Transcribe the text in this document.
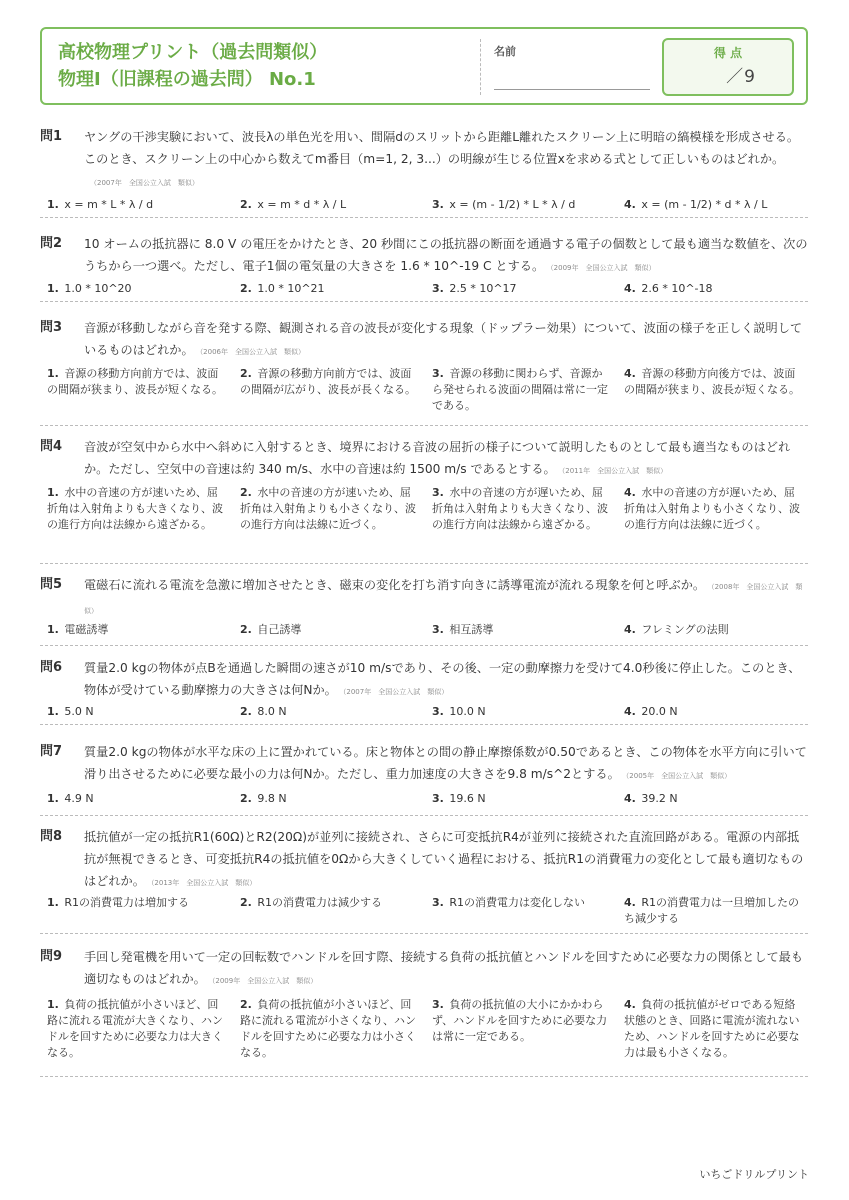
高校物理プリント（過去問類似）
物理Ⅰ（旧課程の過去問） No.1
名前	得 点
／9
問1 ヤングの干渉実験において、波長λの単色光を用い、間隔dのスリットから距離L離れたスクリーン上に明暗の縞模様を形成させる。このとき、スクリーン上の中心から数えてm番目（m=1, 2, 3...）の明線が生じる位置xを求める式として正しいものはどれか。（2007年　全国公立入試　類似）
1. x = m * L * λ / d	2. x = m * d * λ / L	3. x = (m - 1/2) * L * λ / d	4. x = (m - 1/2) * d * λ / L
問2 10 オームの抵抗器に 8.0 V の電圧をかけたとき、20 秒間にこの抵抗器の断面を通過する電子の個数として最も適当な数値を、次のうちから一つ選べ。ただし、電子1個の電気量の大きさを 1.6 * 10^-19 C とする。 （2009年　全国公立入試　類似）
1. 1.0 * 10^20	2. 1.0 * 10^21	3. 2.5 * 10^17	4. 2.6 * 10^-18
問3 音源が移動しながら音を発する際、観測される音の波長が変化する現象（ドップラー効果）について、波面の様子を正しく説明しているものはどれか。 （2006年　全国公立入試　類似）
1. 音源の移動方向前方では、波面の間隔が狭まり、波長が短くなる。
2. 音源の移動方向前方では、波面の間隔が広がり、波長が長くなる。
3. 音源の移動に関わらず、音源から発せられる波面の間隔は常に一定である。
4. 音源の移動方向後方では、波面の間隔が狭まり、波長が短くなる。
問4 音波が空気中から水中へ斜めに入射するとき、境界における音波の屈折の様子について説明したものとして最も適当なものはどれか。ただし、空気中の音速は約 340 m/s、水中の音速は約 1500 m/s であるとする。 （2011年　全国公立入試　類似）
1. 水中の音速の方が速いため、屈折角は入射角よりも大きくなり、波の進行方向は法線から遠ざかる。
2. 水中の音速の方が速いため、屈折角は入射角よりも小さくなり、波の進行方向は法線に近づく。
3. 水中の音速の方が遅いため、屈折角は入射角よりも大きくなり、波の進行方向は法線から遠ざかる。
4. 水中の音速の方が遅いため、屈折角は入射角よりも小さくなり、波の進行方向は法線に近づく。
問5 電磁石に流れる電流を急激に増加させたとき、磁束の変化を打ち消す向きに誘導電流が流れる現象を何と呼ぶか。 （2008年　全国公立入試　類似）
1. 電磁誘導	2. 自己誘導	3. 相互誘導	4. フレミングの法則
問6 質量2.0 kgの物体が点Bを通過した瞬間の速さが10 m/sであり、その後、一定の動摩擦力を受けて4.0秒後に停止した。このとき、物体が受けている動摩擦力の大きさは何Nか。 （2007年　全国公立入試　類似）
1. 5.0 N	2. 8.0 N	3. 10.0 N	4. 20.0 N
問7 質量2.0 kgの物体が水平な床の上に置かれている。床と物体との間の静止摩擦係数が0.50であるとき、この物体を水平方向に引いて滑り出させるために必要な最小の力は何Nか。ただし、重力加速度の大きさを9.8 m/s^2とする。 （2005年　全国公立入試　類似）
1. 4.9 N	2. 9.8 N	3. 19.6 N	4. 39.2 N
問8 抵抗値が一定の抵抗R1(60Ω)とR2(20Ω)が並列に接続され、さらに可変抵抗R4が並列に接続された直流回路がある。電源の内部抵抗が無視できるとき、可変抵抗R4の抵抗値を0Ωから大きくしていく過程における、抵抗R1の消費電力の変化として最も適切なものはどれか。 （2013年　全国公立入試　類似）
1. R1の消費電力は増加する	2. R1の消費電力は減少する	3. R1の消費電力は変化しない	4. R1の消費電力は一旦増加したのち減少する
問9 手回し発電機を用いて一定の回転数でハンドルを回す際、接続する負荷の抵抗値とハンドルを回すために必要な力の関係として最も適切なものはどれか。 （2009年　全国公立入試　類似）
1. 負荷の抵抗値が小さいほど、回路に流れる電流が大きくなり、ハンドルを回すために必要な力は大きくなる。
2. 負荷の抵抗値が小さいほど、回路に流れる電流が小さくなり、ハンドルを回すために必要な力は小さくなる。
3. 負荷の抵抗値の大小にかかわらず、ハンドルを回すために必要な力は常に一定である。
4. 負荷の抵抗値がゼロである短絡状態のとき、回路に電流が流れないため、ハンドルを回すために必要な力は最も小さくなる。
いちごドリルプリント
